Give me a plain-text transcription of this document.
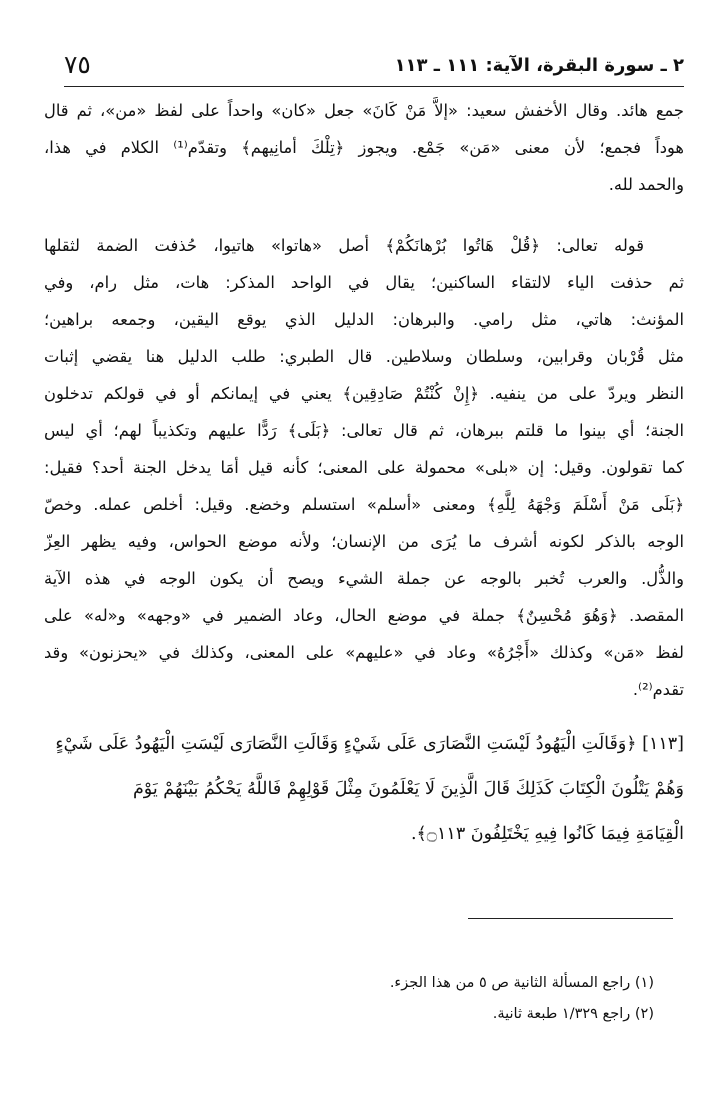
٧٥	٢ ـ سورة البقرة، الآية: ١١١ ـ ١١٣
جمع هائد. وقال الأخفش سعيد: «إلاَّ مَنْ كَانَ» جعل «كان» واحداً على لفظ «من»، ثم قال
هوداً فجمع؛ لأن معنى «مَن» جَمْع. ويجوز ﴿تِلْكَ أمانِيهم﴾ وتقدّم⁽¹⁾ الكلام في هذا،
والحمد لله.
قوله تعالى: ﴿قُلْ هَاتُوا بُرْهانَكُمْ﴾ أصل «هاتوا» هاتيوا، حُذفت الضمة لثقلها
ثم حذفت الياء لالتقاء الساكنين؛ يقال في الواحد المذكر: هات، مثل رام، وفي
المؤنث: هاتي، مثل رامي. والبرهان: الدليل الذي يوقع اليقين، وجمعه براهين؛
مثل قُرْبان وقرابين، وسلطان وسلاطين. قال الطبري: طلب الدليل هنا يقضي إثبات
النظر ويردّ على من ينفيه. ﴿إِنْ كُنْتُمْ صَادِقِين﴾ يعني في إيمانكم أو في قولكم تدخلون
الجنة؛ أي بينوا ما قلتم ببرهان، ثم قال تعالى: ﴿بَلَى﴾ رَدًّا عليهم وتكذيباً لهم؛ أي ليس
كما تقولون. وقيل: إن «بلى» محمولة على المعنى؛ كأنه قيل أمَا يدخل الجنة أحد؟ فقيل:
﴿بَلَى مَنْ أَسْلَمَ وَجْهَهُ لِلَّهِ﴾ ومعنى «أسلم» استسلم وخضع. وقيل: أخلص عمله. وخصّ
الوجه بالذكر لكونه أشرف ما يُرَى من الإنسان؛ ولأنه موضع الحواس، وفيه يظهر العِزّ
والذُّل. والعرب تُخبر بالوجه عن جملة الشيء ويصح أن يكون الوجه في هذه الآية
المقصد. ﴿وَهُوَ مُحْسِنٌ﴾ جملة في موضع الحال، وعاد الضمير في «وجهه» و«له» على
لفظ «مَن» وكذلك «أَجْرُهُ» وعاد في «عليهم» على المعنى، وكذلك في «يحزنون» وقد
تقدم⁽²⁾.
[١١٣] ﴿وَقَالَتِ الْيَهُودُ لَيْسَتِ النَّصَارَى عَلَى شَيْءٍ وَقَالَتِ النَّصَارَى لَيْسَتِ الْيَهُودُ عَلَى شَيْءٍ
وَهُمْ يَتْلُونَ الْكِتَابَ كَذَلِكَ قَالَ الَّذِينَ لَا يَعْلَمُونَ مِثْلَ قَوْلِهِمْ فَاللَّهُ يَحْكُمُ بَيْنَهُمْ يَوْمَ
الْقِيَامَةِ فِيمَا كَانُوا فِيهِ يَخْتَلِفُونَ ۝١١٣﴾.
(١) راجع المسألة الثانية ص ٥ من هذا الجزء.
(٢) راجع ١/٣٢٩ طبعة ثانية.
